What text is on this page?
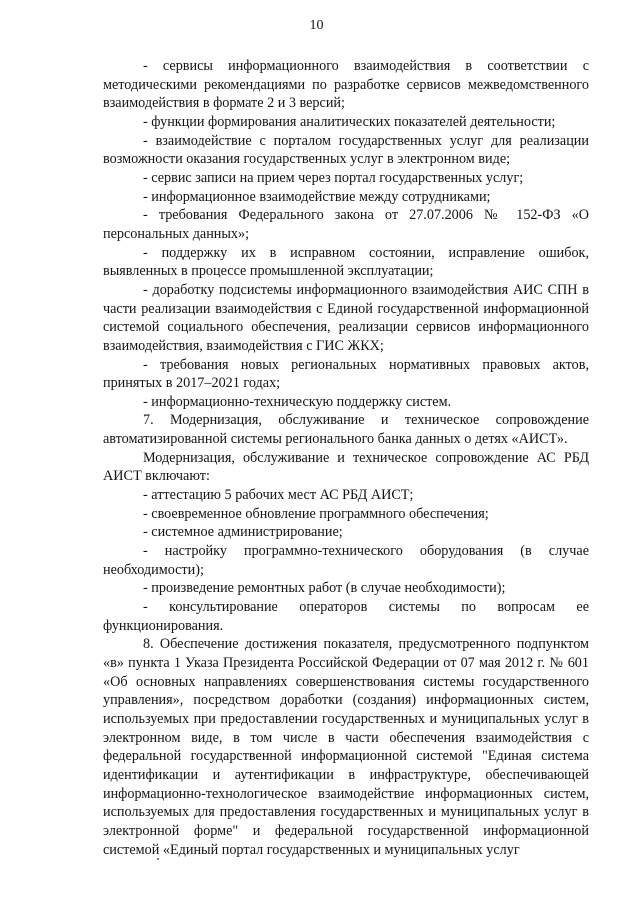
10

- сервисы информационного взаимодействия в соответствии с методическими рекомендациями по разработке сервисов межведомственного взаимодействия в формате 2 и 3 версий;

- функции формирования аналитических показателей деятельности;

- взаимодействие с порталом государственных услуг для реализации возможности оказания государственных услуг в электронном виде;

- сервис записи на прием через портал государственных услуг;

- информационное взаимодействие между сотрудниками;

- требования Федерального закона от 27.07.2006 № 152-ФЗ «О персональных данных»;

- поддержку их в исправном состоянии, исправление ошибок, выявленных в процессе промышленной эксплуатации;

- доработку подсистемы информационного взаимодействия АИС СПН в части реализации взаимодействия с Единой государственной информационной системой социального обеспечения, реализации сервисов информационного взаимодействия, взаимодействия с ГИС ЖКХ;

- требования новых региональных нормативных правовых актов, принятых в 2017–2021 годах;

- информационно-техническую поддержку систем.

7. Модернизация, обслуживание и техническое сопровождение автоматизированной системы регионального банка данных о детях «АИСТ».

Модернизация, обслуживание и техническое сопровождение АС РБД АИСТ включают:

- аттестацию 5 рабочих мест АС РБД АИСТ;

- своевременное обновление программного обеспечения;

- системное администрирование;

- настройку программно-технического оборудования (в случае необходимости);

- произведение ремонтных работ (в случае необходимости);

- консультирование операторов системы по вопросам ее функционирования.

8. Обеспечение достижения показателя, предусмотренного подпунктом «в» пункта 1 Указа Президента Российской Федерации от 07 мая 2012 г. № 601 «Об основных направлениях совершенствования системы государственного управления», посредством доработки (создания) информационных систем, используемых при предоставлении государственных и муниципальных услуг в электронном виде, в том числе в части обеспечения взаимодействия с федеральной государственной информационной системой "Единая система идентификации и аутентификации в инфраструктуре, обеспечивающей информационно-технологическое взаимодействие информационных систем, используемых для предоставления государственных и муниципальных услуг в электронной форме" и федеральной государственной информационной системой «Единый портал государственных и муниципальных услуг
